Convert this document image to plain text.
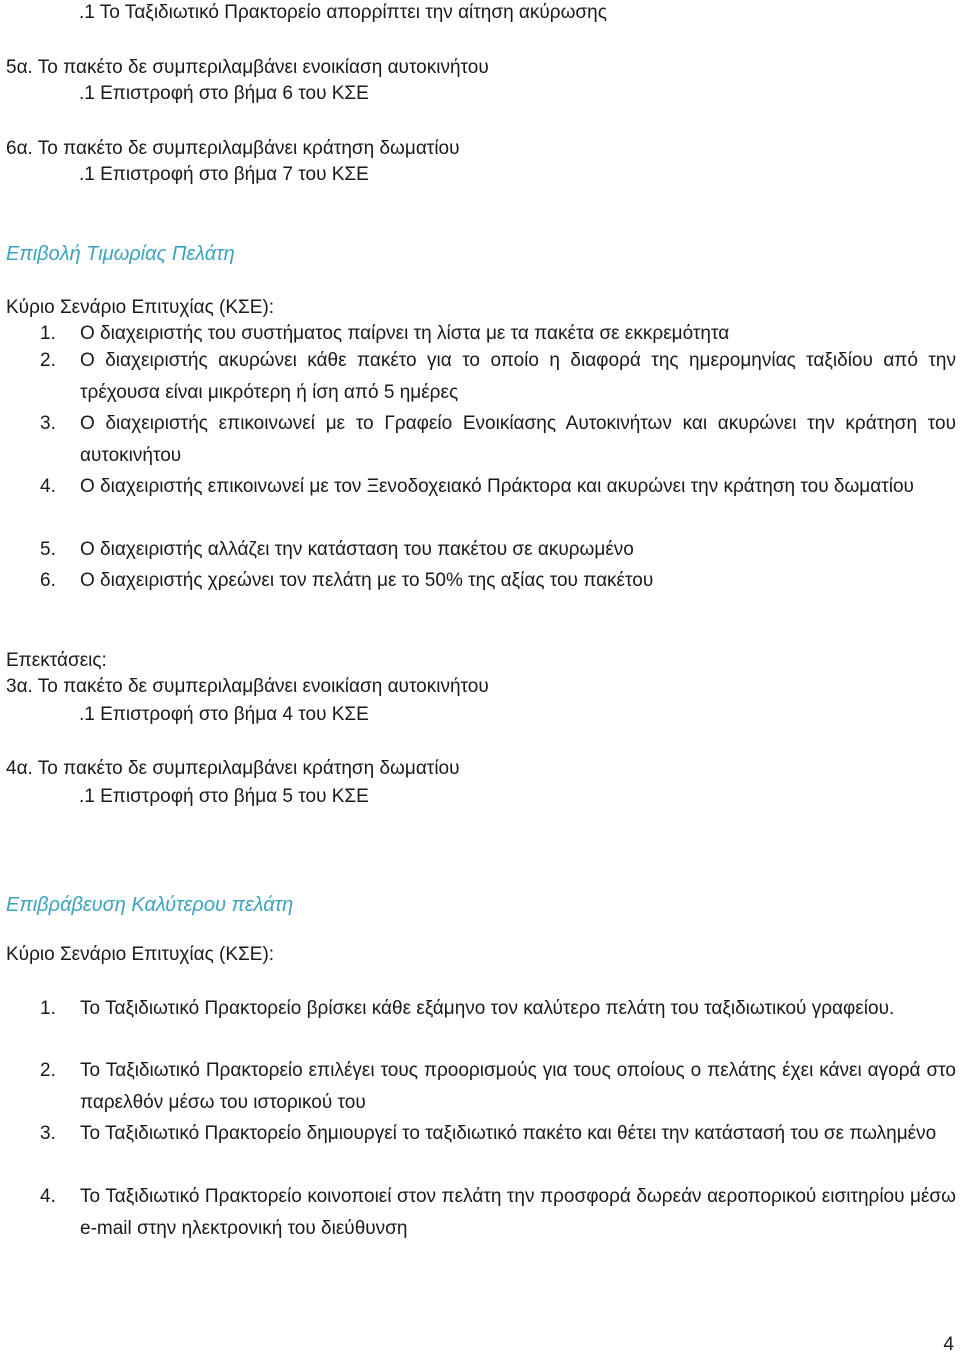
.1 Το Ταξιδιωτικό Πρακτορείο απορρίπτει την αίτηση ακύρωσης
5α. Το πακέτο δε συμπεριλαμβάνει ενοικίαση αυτοκινήτου
.1 Επιστροφή στο βήμα 6 του ΚΣΕ
6α. Το πακέτο δε συμπεριλαμβάνει κράτηση δωματίου
.1 Επιστροφή στο βήμα 7 του ΚΣΕ
Επιβολή Τιμωρίας Πελάτη
Κύριο Σενάριο Επιτυχίας (ΚΣΕ):
1. Ο διαχειριστής του συστήματος παίρνει τη λίστα με τα πακέτα σε εκκρεμότητα
2. Ο διαχειριστής ακυρώνει κάθε πακέτο για το οποίο η διαφορά της ημερομηνίας ταξιδίου από την τρέχουσα είναι μικρότερη ή ίση από 5 ημέρες
3. Ο διαχειριστής επικοινωνεί με το Γραφείο Ενοικίασης Αυτοκινήτων και ακυρώνει την κράτηση του αυτοκινήτου
4. Ο διαχειριστής επικοινωνεί με τον Ξενοδοχειακό Πράκτορα και ακυρώνει την κράτηση του δωματίου
5. Ο διαχειριστής αλλάζει την κατάσταση του πακέτου σε ακυρωμένο
6. Ο διαχειριστής χρεώνει τον πελάτη με το 50% της αξίας του πακέτου
Επεκτάσεις:
3α. Το πακέτο δε συμπεριλαμβάνει ενοικίαση αυτοκινήτου
.1 Επιστροφή στο βήμα 4 του ΚΣΕ
4α. Το πακέτο δε συμπεριλαμβάνει κράτηση δωματίου
.1 Επιστροφή στο βήμα 5 του ΚΣΕ
Επιβράβευση Καλύτερου πελάτη
Κύριο Σενάριο Επιτυχίας (ΚΣΕ):
1. Το Ταξιδιωτικό Πρακτορείο βρίσκει κάθε εξάμηνο τον καλύτερο πελάτη του ταξιδιωτικού γραφείου.
2. Το Ταξιδιωτικό Πρακτορείο επιλέγει τους προορισμούς για τους οποίους ο πελάτης έχει κάνει αγορά στο παρελθόν μέσω του ιστορικού του
3. Το Ταξιδιωτικό Πρακτορείο δημιουργεί το ταξιδιωτικό πακέτο και θέτει την κατάστασή του σε πωλημένο
4. Το Ταξιδιωτικό Πρακτορείο κοινοποιεί στον πελάτη την προσφορά δωρεάν αεροπορικού εισιτηρίου μέσω e-mail στην ηλεκτρονική του διεύθυνση
4
